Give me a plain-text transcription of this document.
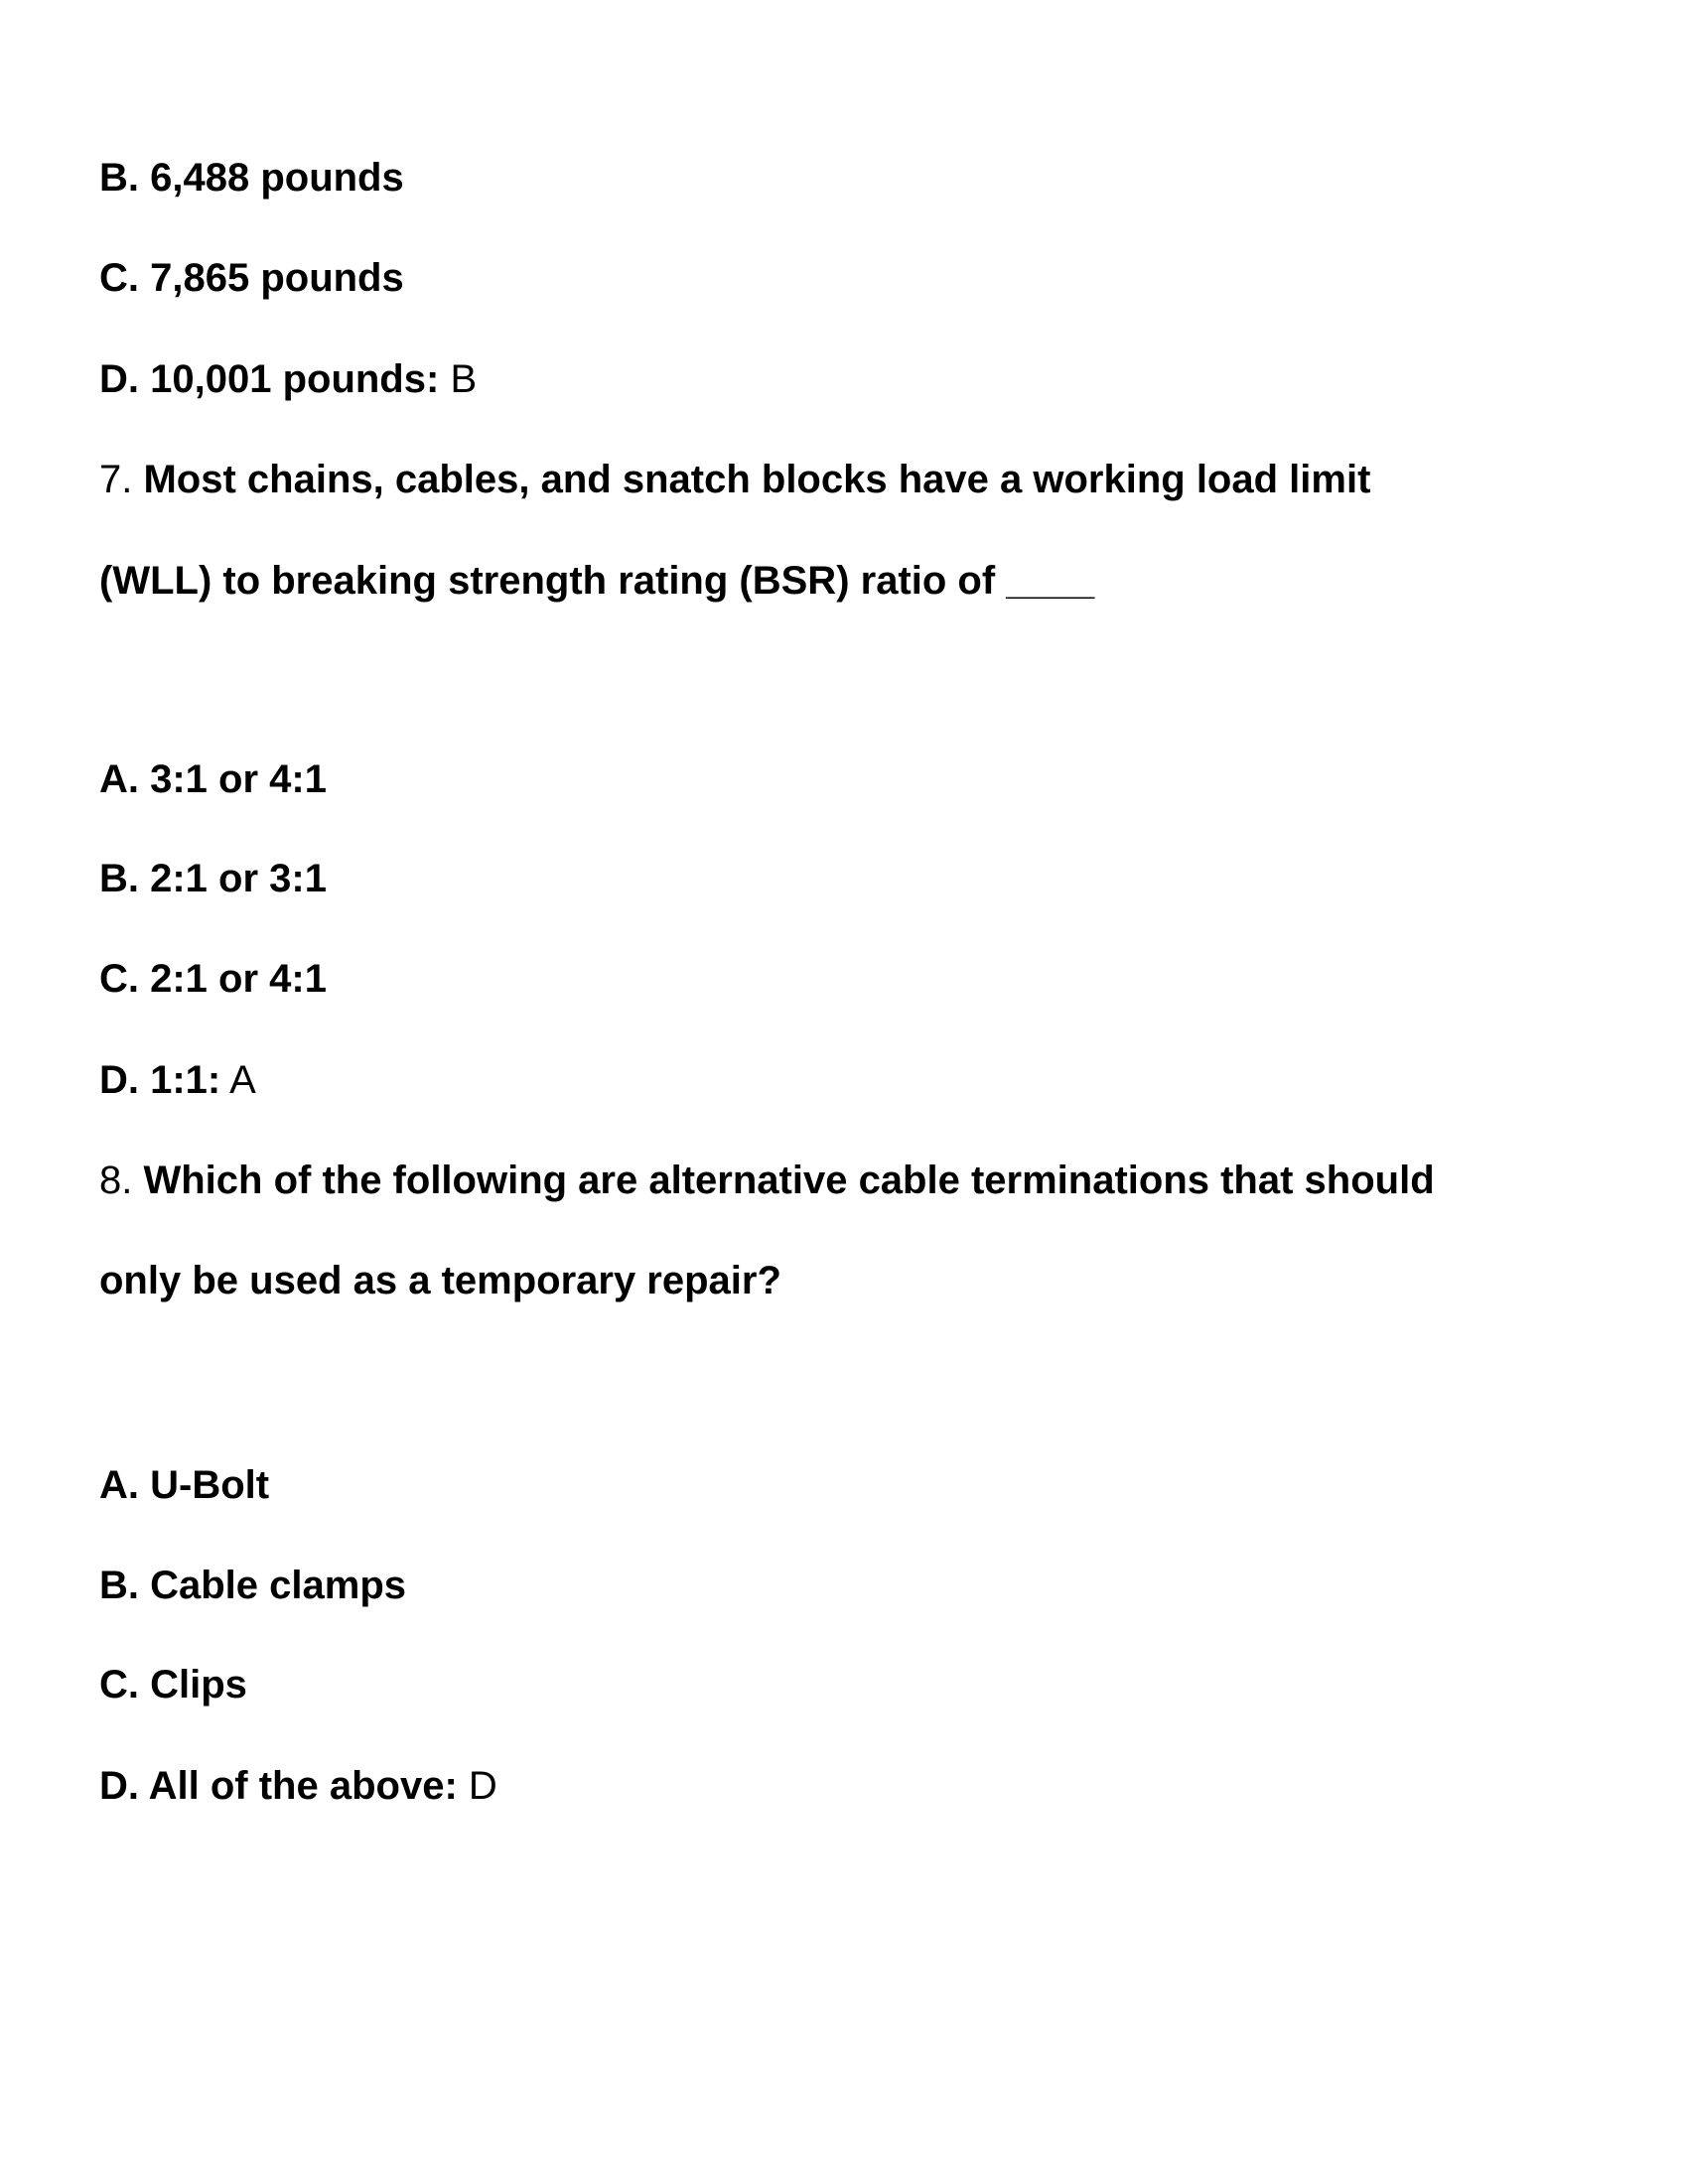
B. 6,488 pounds
C. 7,865 pounds
D. 10,001 pounds: B
7. Most chains, cables, and snatch blocks have a working load limit
(WLL) to breaking strength rating (BSR) ratio of ____
A. 3:1 or 4:1
B. 2:1 or 3:1
C. 2:1 or 4:1
D. 1:1: A
8. Which of the following are alternative cable terminations that should
only be used as a temporary repair?
A. U-Bolt
B. Cable clamps
C. Clips
D. All of the above: D
